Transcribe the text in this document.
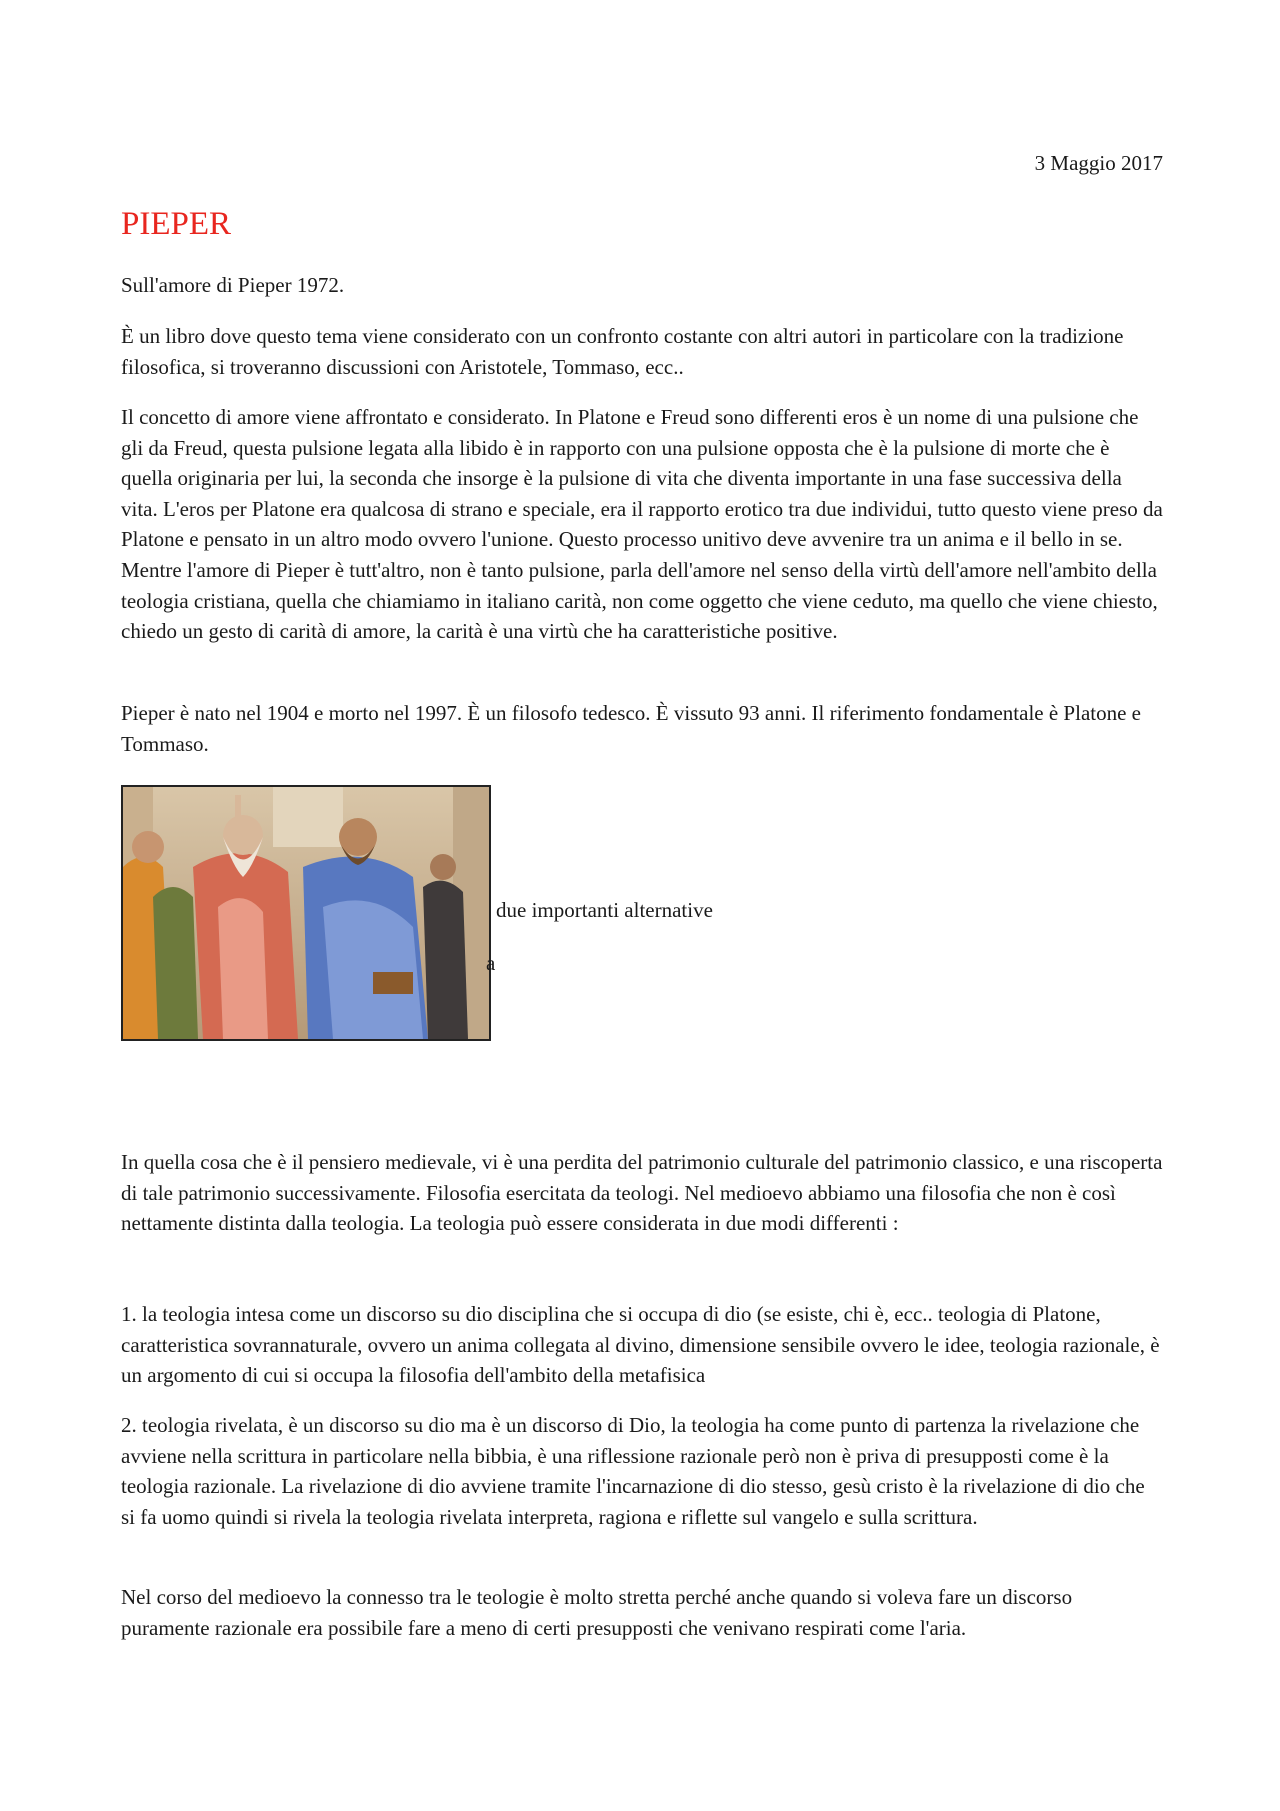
3 Maggio 2017
PIEPER

Sull'amore di Pieper 1972.

È un libro dove questo tema viene considerato con un confronto costante con altri autori in particolare con la tradizione filosofica, si troveranno discussioni con Aristotele, Tommaso, ecc..

Il concetto di amore viene affrontato e considerato. In Platone e Freud sono differenti eros è un nome di una pulsione che gli da Freud, questa pulsione legata alla libido è in rapporto con una pulsione opposta che è la pulsione di morte che è quella originaria per lui, la seconda che insorge è la pulsione di vita che diventa importante in una fase successiva della vita. L'eros per Platone era qualcosa di strano e speciale, era il rapporto erotico tra due individui, tutto questo viene preso da Platone e pensato in un altro modo ovvero l'unione. Questo processo unitivo deve avvenire tra un anima e il bello in se. Mentre l'amore di Pieper è tutt'altro, non è tanto pulsione, parla dell'amore nel senso della virtù dell'amore nell'ambito della teologia cristiana, quella che chiamiamo in italiano carità, non come oggetto che viene ceduto, ma quello che viene chiesto, chiedo un gesto di carità di amore, la carità è una virtù che ha caratteristiche positive.

Pieper è nato nel 1904 e morto nel 1997. È un filosofo tedesco. È vissuto 93 anni. Il riferimento fondamentale è Platone e Tommaso.

due importanti alternative
a

In quella cosa che è il pensiero medievale, vi è una perdita del patrimonio culturale del patrimonio classico, e una riscoperta di tale patrimonio successivamente. Filosofia esercitata da teologi. Nel medioevo abbiamo una filosofia che non è così nettamente distinta dalla teologia. La teologia può essere considerata in due modi differenti :

1. la teologia intesa come un discorso su dio disciplina che si occupa di dio (se esiste, chi è, ecc.. teologia di Platone, caratteristica sovrannaturale, ovvero un anima collegata al divino, dimensione sensibile ovvero le idee, teologia razionale, è un argomento di cui si occupa la filosofia dell'ambito della metafisica

2. teologia rivelata, è un discorso su dio ma è un discorso di Dio, la teologia ha come punto di partenza la rivelazione che avviene nella scrittura in particolare nella bibbia, è una riflessione razionale però non è priva di presupposti come è la teologia razionale. La rivelazione di dio avviene tramite l'incarnazione di dio stesso, gesù cristo è la rivelazione di dio che si fa uomo quindi si rivela la teologia rivelata interpreta, ragiona e riflette sul vangelo e sulla scrittura.

Nel corso del medioevo la connesso tra le teologie è molto stretta perché anche quando si voleva fare un discorso puramente razionale era possibile fare a meno di certi presupposti che venivano respirati come l'aria.
